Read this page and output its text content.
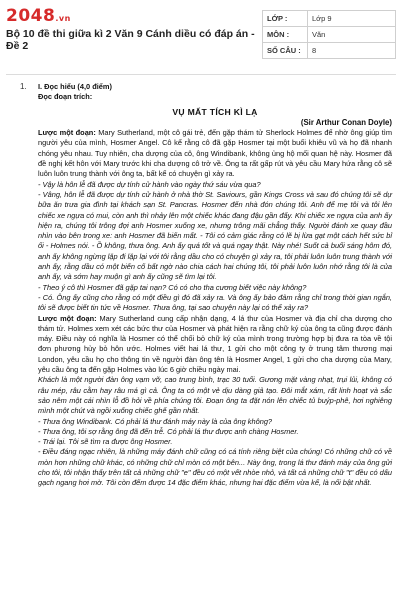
2048.vn
Bộ 10 đề thi giữa kì 2 Văn 9 Cánh diều có đáp án - Đề 2
LỚP :	Lớp 9
MÔN :	Văn
SỐ CÂU :	8
1. I. Đọc hiểu (4,0 điểm)
Đọc đoạn trích:
VỤ MẤT TÍCH KÌ LẠ
(Sir Arthur Conan Doyle)

Lược một đoạn: Mary Sutherland, một cô gái trẻ, đến gặp thám tử Sherlock Holmes để nhờ ông giúp tìm người yêu của mình, Hosmer Angel. Cô kể rằng cô đã gặp Hosmer tại một buổi khiêu vũ và họ đã nhanh chóng yêu nhau. Tuy nhiên, cha dượng của cô, ông Windibank, không ủng hộ mối quan hệ này. Hosmer đã đề nghị kết hôn với Mary trước khi cha dượng cô trở về. Ông ta rất gấp rút và yêu cầu Mary hứa rằng cô sẽ luôn luôn trung thành với ông ta, bất kể có chuyện gì xảy ra.

- Vậy là hôn lễ đã được dự tính cử hành vào ngày thứ sáu vừa qua?

- Vâng, hôn lễ đã được dự tính cử hành ở nhà thờ St. Saviours, gần Kings Cross và sau đó chúng tôi sẽ dự bữa ăn trưa gia đình tại khách sạn St. Pancras. Hosmer đến nhà đón chúng tôi. Anh để mẹ tôi và tôi lên chiếc xe ngựa có mui, còn anh thì nhảy lên một chiếc khác đang đậu gần đấy. Khi chiếc xe ngựa của anh ấy hiện ra, chúng tôi trông đợi anh Hosmer xuống xe, nhưng trông mãi chẳng thấy. Người đánh xe quay đầu nhìn vào bên trong xe: anh Hosmer đã biến mất. - Tôi có cảm giác rằng có lẽ bị lừa gạt một cách hết sức bỉ ổi - Holmes nói. - Ồ không, thưa ông. Anh ấy quá tốt và quá ngay thật. Này nhé! Suốt cả buổi sáng hôm đó, anh ấy không ngừng lặp đi lặp lại với tôi rằng dầu cho có chuyện gì xảy ra, tôi phải luôn luôn trung thành với anh ấy, rằng dầu có một biến cố bất ngờ nào chia cách hai chúng tôi, tôi phải luôn luôn nhớ rằng tôi là của anh ấy, và sớm hay muộn gì anh ấy cũng sẽ tìm lại tôi.

- Theo ý cô thì Hosmer đã gặp tai nạn? Có có cho tha cương biết việc này không?

- Có. Ông ấy cũng cho rằng có một điều gì đó đã xảy ra. Và ông ấy bảo đảm rằng chỉ trong thời gian ngắn, tôi sẽ được biết tin tức về Hosmer. Thưa ông, tại sao chuyện này lại có thể xảy ra?

Lược một đoạn: Mary Sutherland cung cấp nhận dạng, 4 lá thư của Hosmer và địa chỉ cha dượng cho thám tử. Holmes xem xét các bức thư của Hosmer và phát hiện ra rằng chữ ký của ông ta cũng được đánh máy. Điều này có nghĩa là Hosmer có thể chối bỏ chữ ký của mình trong trường hợp bị đưa ra tòa về tội đơn phương hủy bỏ hôn ước. Holmes viết hai lá thư, 1 gửi cho một công ty ở trung tâm thương mại London, yêu cầu họ cho thông tin về người đàn ông tên là Hosmer Angel, 1 gửi cho cha dượng của Mary, yêu cầu ông ta đến gặp Holmes vào lúc 6 giờ chiều ngày mai.

Khách là một người đàn ông vạm vỡ, cao trung bình, trạc 30 tuổi. Gương mặt vàng nhạt, trụi lủi, không có râu mép, râu cằm hay râu má gì cả. Ông ta có một vẻ dịu dàng giả tạo. Đôi mắt xám, rất linh hoạt và sắc sảo nêm một cái nhìn lỗ đồ hỏi về phía chúng tôi. Đoạn ông ta đặt nón lên chiếc tủ buýp-phê, hơi nghiêng mình một chút và ngồi xuống chiếc ghế gần nhất.

- Thưa ông Windibank. Có phải lá thư đánh máy này là của ông không?

- Thưa ông, tôi sợ rằng ông đã đến trễ. Có phải lá thư được anh chàng Hosmer.

- Trái lại. Tôi sẽ tìm ra được ông Hosmer.

- Điều đáng ngạc nhiên, là những máy đánh chữ cũng có cá tính riêng biệt của chúng! Có những chữ có về mòn hơn những chữ khác, có những chữ chỉ mòn có một bên... Này ông, trong lá thư đánh máy của ông gửi cho tôi, tôi nhận thấy trên tất cả những chữ "e" đều có một vết nhòe nhỏ, và tất cả những chữ "t" đều có dấu gạch ngang hơi mờ. Tôi còn đếm được 14 đặc điểm khác, nhưng hai đặc điểm vừa kể, là nổi bật nhất.
